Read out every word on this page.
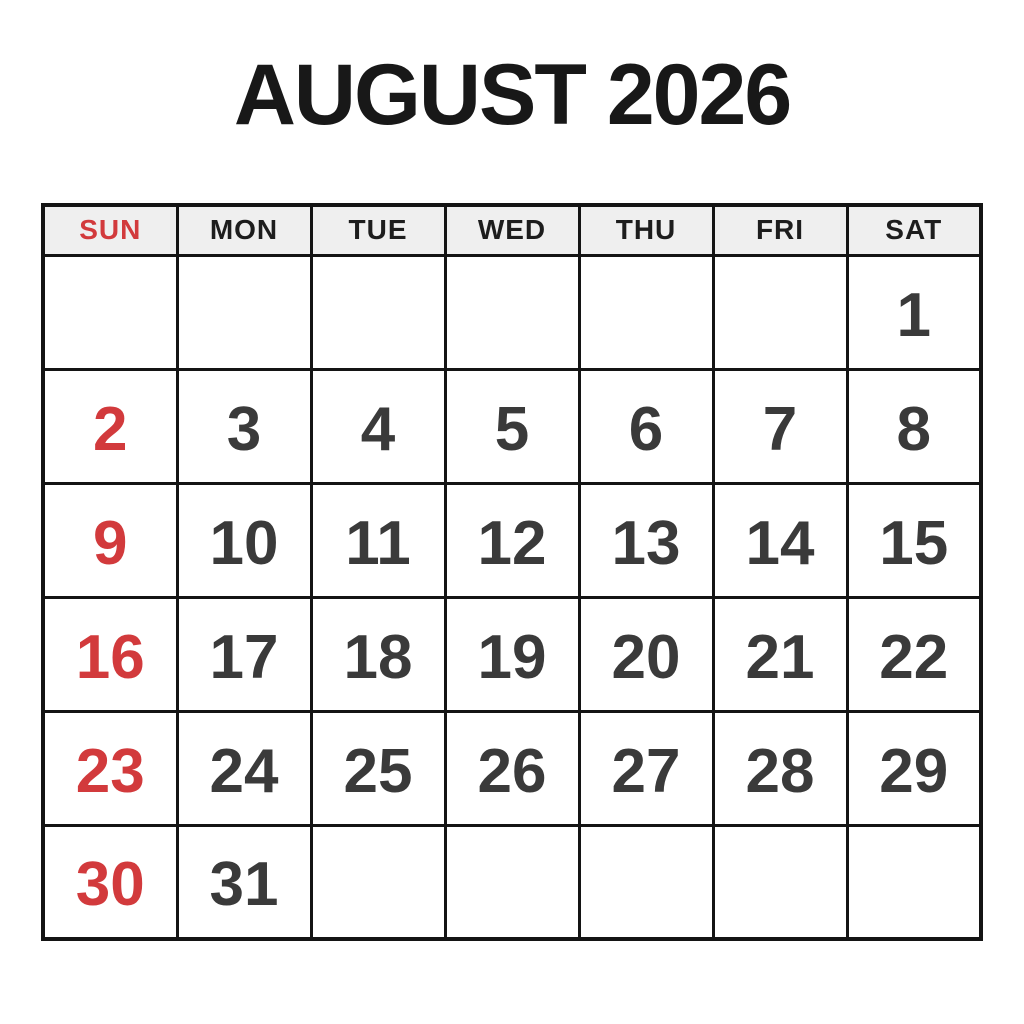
AUGUST 2026
SUN	MON	TUE	WED	THU	FRI	SAT
						1
2	3	4	5	6	7	8
9	10	11	12	13	14	15
16	17	18	19	20	21	22
23	24	25	26	27	28	29
30	31					
